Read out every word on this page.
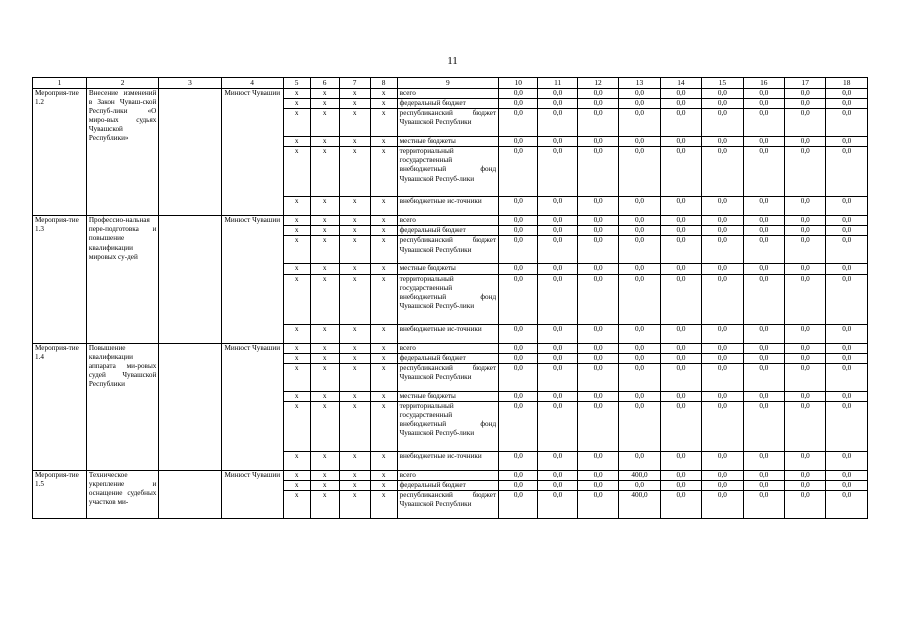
11
1	2	3	4	5	6	7	8	9	10	11	12	13	14	15	16	17	18
Мероприя-тие 1.2	Внесение изменений в Закон Чуваш-ской Респуб-лики «О миро-вых судьях Чувашской Республики»		Минюст Чувашии	х	х	х	х	всего	0,0	0,0	0,0	0,0	0,0	0,0	0,0	0,0	0,0
				х	х	х	х	федеральный бюджет	0,0	0,0	0,0	0,0	0,0	0,0	0,0	0,0	0,0
				х	х	х	х	республиканский бюджет Чувашской Республики	0,0	0,0	0,0	0,0	0,0	0,0	0,0	0,0	0,0
				х	х	х	х	местные бюджеты	0,0	0,0	0,0	0,0	0,0	0,0	0,0	0,0	0,0
				х	х	х	х	территориальный государственный внебюджетный фонд Чувашской Респуб-лики	0,0	0,0	0,0	0,0	0,0	0,0	0,0	0,0	0,0
				х	х	х	х	внебюджетные ис-точники	0,0	0,0	0,0	0,0	0,0	0,0	0,0	0,0	0,0
Мероприя-тие 1.3	Профессио-нальная пере-подготовка и повышение квалификации мировых су-дей		Минюст Чувашии	х	х	х	х	всего	0,0	0,0	0,0	0,0	0,0	0,0	0,0	0,0	0,0
				х	х	х	х	федеральный бюджет	0,0	0,0	0,0	0,0	0,0	0,0	0,0	0,0	0,0
				х	х	х	х	республиканский бюджет Чувашской Республики	0,0	0,0	0,0	0,0	0,0	0,0	0,0	0,0	0,0
				х	х	х	х	местные бюджеты	0,0	0,0	0,0	0,0	0,0	0,0	0,0	0,0	0,0
				х	х	х	х	территориальный государственный внебюджетный фонд Чувашской Респуб-лики	0,0	0,0	0,0	0,0	0,0	0,0	0,0	0,0	0,0
				х	х	х	х	внебюджетные ис-точники	0,0	0,0	0,0	0,0	0,0	0,0	0,0	0,0	0,0
Мероприя-тие 1.4	Повышение квалификации аппарата ми-ровых судей Чувашской Республики		Минюст Чувашии	х	х	х	х	всего	0,0	0,0	0,0	0,0	0,0	0,0	0,0	0,0	0,0
				х	х	х	х	федеральный бюджет	0,0	0,0	0,0	0,0	0,0	0,0	0,0	0,0	0,0
				х	х	х	х	республиканский бюджет Чувашской Республики	0,0	0,0	0,0	0,0	0,0	0,0	0,0	0,0	0,0
				х	х	х	х	местные бюджеты	0,0	0,0	0,0	0,0	0,0	0,0	0,0	0,0	0,0
				х	х	х	х	территориальный государственный внебюджетный фонд Чувашской Респуб-лики	0,0	0,0	0,0	0,0	0,0	0,0	0,0	0,0	0,0
				х	х	х	х	внебюджетные ис-точники	0,0	0,0	0,0	0,0	0,0	0,0	0,0	0,0	0,0
Мероприя-тие 1.5	Техническое укрепление и оснащение судебных участков ми-		Минюст Чувашии	х	х	х	х	всего	0,0	0,0	0,0	400,0	0,0	0,0	0,0	0,0	0,0
				х	х	х	х	федеральный бюджет	0,0	0,0	0,0	0,0	0,0	0,0	0,0	0,0	0,0
				х	х	х	х	республиканский бюджет Чувашской Республики	0,0	0,0	0,0	400,0	0,0	0,0	0,0	0,0	0,0
